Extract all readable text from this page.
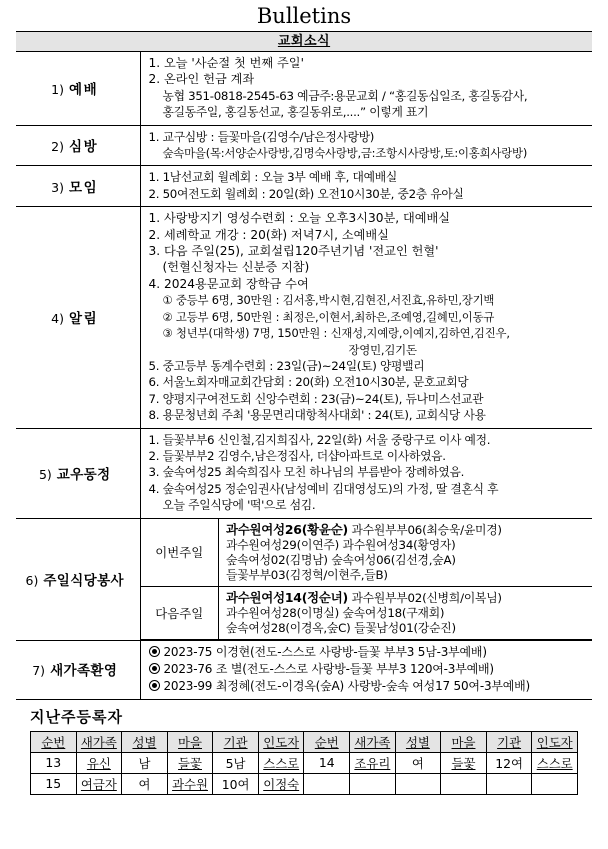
Bulletins
교회소식
1) 예배	
1. 오늘 '사순절 첫 번째 주일'
2. 온라인 헌금 계좌
농협 351-0818-2545-63 예금주:용문교회 / “홍길동십일조, 홍길동감사,
홍길동주일, 홍길동선교, 홍길동위로,....” 이렇게 표기

2) 심방	
1. 교구심방 : 들꽃마을(김영수/남은정사랑방)
숲속마을(목:서양순사랑방,김명숙사랑방,금:조항시사랑방,토:이홍희사랑방)

3) 모임	
1. 1남선교회 월례회 : 오늘 3부 예배 후, 대예배실
2. 50여전도회 월례회 : 20일(화) 오전10시30분, 중2층 유아실

4) 알림	
1. 사랑방지기 영성수련회 : 오늘 오후3시30분, 대예배실
2. 세례학교 개강 : 20(화) 저녁7시, 소예배실
3. 다음 주일(25), 교회설립120주년기념 '전교인 헌혈'
(헌혈신청자는 신분증 지참)
4. 2024용문교회 장학금 수여
① 중등부 6명, 30만원 : 김서홍,박시현,김현진,서진효,유하민,장기백
② 고등부 6명, 50만원 : 최정은,이현서,최하은,조예영,길혜민,이동규
③ 청년부(대학생) 7명, 150만원 : 신재성,지예랑,이예지,김하연,김진우,
장영민,김기돈
5. 중고등부 동계수련회 : 23일(금)~24일(토) 양평밸리
6. 서울노회자매교회간담회 : 20(화) 오전10시30분, 문호교회당
7. 양평지구여전도회 신앙수련회 : 23(금)~24(토), 듀나미스선교관
8. 용문청년회 주최 '용문면리대항척사대회' : 24(토), 교회식당 사용

5) 교우동정	
1. 들꽃부부6 신인철,김지희집사, 22일(화) 서울 중랑구로 이사 예정.
2. 들꽃부부2 김영수,남은정집사, 더샵아파트로 이사하였음.
3. 숲속여성25 최숙희집사 모친 하나님의 부름받아 장례하였음.
4. 숲속여성25 정순임권사(남성예비 김대영성도)의 가정, 딸 결혼식 후
오늘 주일식당에 '떡'으로 섬김.

6) 주일식당봉사	
이번주일	
과수원여성26(황윤순) 과수원부부06(최승욱/윤미경)
과수원여성29(이연주) 과수원여성34(황영자)
숲속여성02(김명남) 숲속여성06(김선경,숲A)
들꽃부부03(김정혁/이현주,들B)

다음주일	
과수원여성14(정순녀) 과수원부부02(신병희/이복님)
과수원여성28(이명실) 숲속여성18(구재회)
숲속여성28(이경옥,숲C) 들꽃남성01(강순진)

7) 새가족환영	
2023-75 이경현(전도-스스로 사랑방-들꽃 부부3 5남-3부예배)
2023-76 조 별(전도-스스로 사랑방-들꽃 부부3 120여-3부예배)
2023-99 최정혜(전도-이경옥(숲A) 사랑방-숲속 여성17 50여-3부예배)
지난주등록자
순번	새가족	성별	마을	기관	인도자	순번	새가족	성별	마을	기관	인도자
13	유신	남	들꽃	5남	스스로	14	조유리	여	들꽃	12여	스스로
15	여금자	여	과수원	10여	이정숙						
